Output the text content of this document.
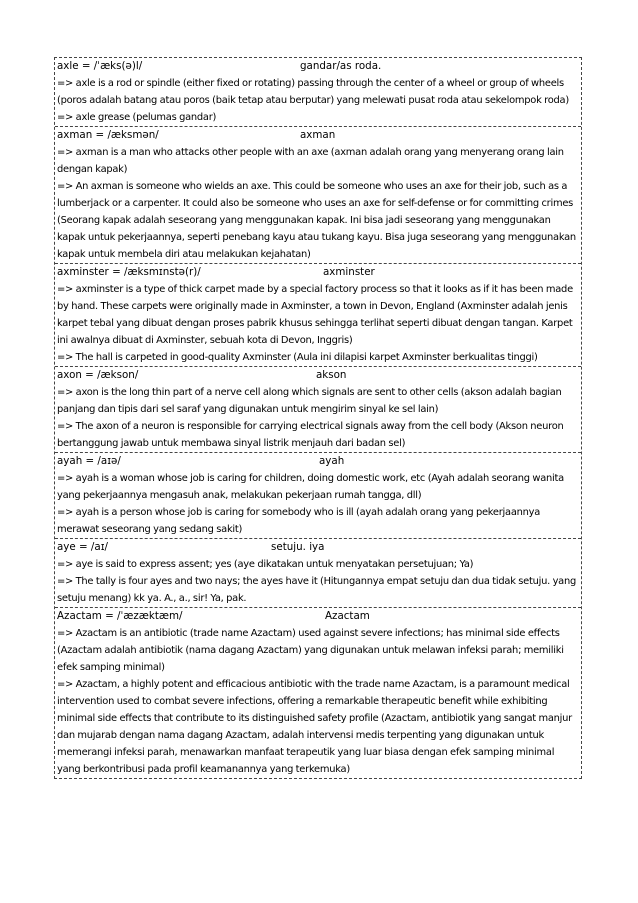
axle = /ˈæks(ə)l/	gandar/as roda.
=> axle is a rod or spindle (either fixed or rotating) passing through the center of a wheel or group of wheels (poros adalah batang atau poros (baik tetap atau berputar) yang melewati pusat roda atau sekelompok roda)
=> axle grease (pelumas gandar)
axman = /æksmən/	axman
=> axman is a man who attacks other people with an axe (axman adalah orang yang menyerang orang lain dengan kapak)
=> An axman is someone who wields an axe. This could be someone who uses an axe for their job, such as a lumberjack or a carpenter. It could also be someone who uses an axe for self-defense or for committing crimes (Seorang kapak adalah seseorang yang menggunakan kapak. Ini bisa jadi seseorang yang menggunakan kapak untuk pekerjaannya, seperti penebang kayu atau tukang kayu. Bisa juga seseorang yang menggunakan kapak untuk membela diri atau melakukan kejahatan)
axminster = /æksmɪnstə(r)/	axminster
=> axminster is a type of thick carpet made by a special factory process so that it looks as if it has been made by hand. These carpets were originally made in Axminster, a town in Devon, England (Axminster adalah jenis karpet tebal yang dibuat dengan proses pabrik khusus sehingga terlihat seperti dibuat dengan tangan. Karpet ini awalnya dibuat di Axminster, sebuah kota di Devon, Inggris)
=> The hall is carpeted in good-quality Axminster (Aula ini dilapisi karpet Axminster berkualitas tinggi)
axon = /ækson/	akson
=> axon is the long thin part of a nerve cell along which signals are sent to other cells (akson adalah bagian panjang dan tipis dari sel saraf yang digunakan untuk mengirim sinyal ke sel lain)
=> The axon of a neuron is responsible for carrying electrical signals away from the cell body (Akson neuron bertanggung jawab untuk membawa sinyal listrik menjauh dari badan sel)
ayah = /aɪə/	ayah
=> ayah is a woman whose job is caring for children, doing domestic work, etc (Ayah adalah seorang wanita yang pekerjaannya mengasuh anak, melakukan pekerjaan rumah tangga, dll)
=> ayah is a person whose job is caring for somebody who is ill (ayah adalah orang yang pekerjaannya merawat seseorang yang sedang sakit)
aye = /aɪ/	setuju. iya
=> aye is said to express assent; yes (aye dikatakan untuk menyatakan persetujuan; Ya)
=> The tally is four ayes and two nays; the ayes have it (Hitungannya empat setuju dan dua tidak setuju. yang setuju menang) kk ya. A., a., sir! Ya, pak.
Azactam = /ˈæzæktæm/	Azactam
=> Azactam is an antibiotic (trade name Azactam) used against severe infections; has minimal side effects (Azactam adalah antibiotik (nama dagang Azactam) yang digunakan untuk melawan infeksi parah; memiliki efek samping minimal)
=> Azactam, a highly potent and efficacious antibiotic with the trade name Azactam, is a paramount medical intervention used to combat severe infections, offering a remarkable therapeutic benefit while exhibiting minimal side effects that contribute to its distinguished safety profile (Azactam, antibiotik yang sangat manjur dan mujarab dengan nama dagang Azactam, adalah intervensi medis terpenting yang digunakan untuk memerangi infeksi parah, menawarkan manfaat terapeutik yang luar biasa dengan efek samping minimal yang berkontribusi pada profil keamanannya yang terkemuka)
